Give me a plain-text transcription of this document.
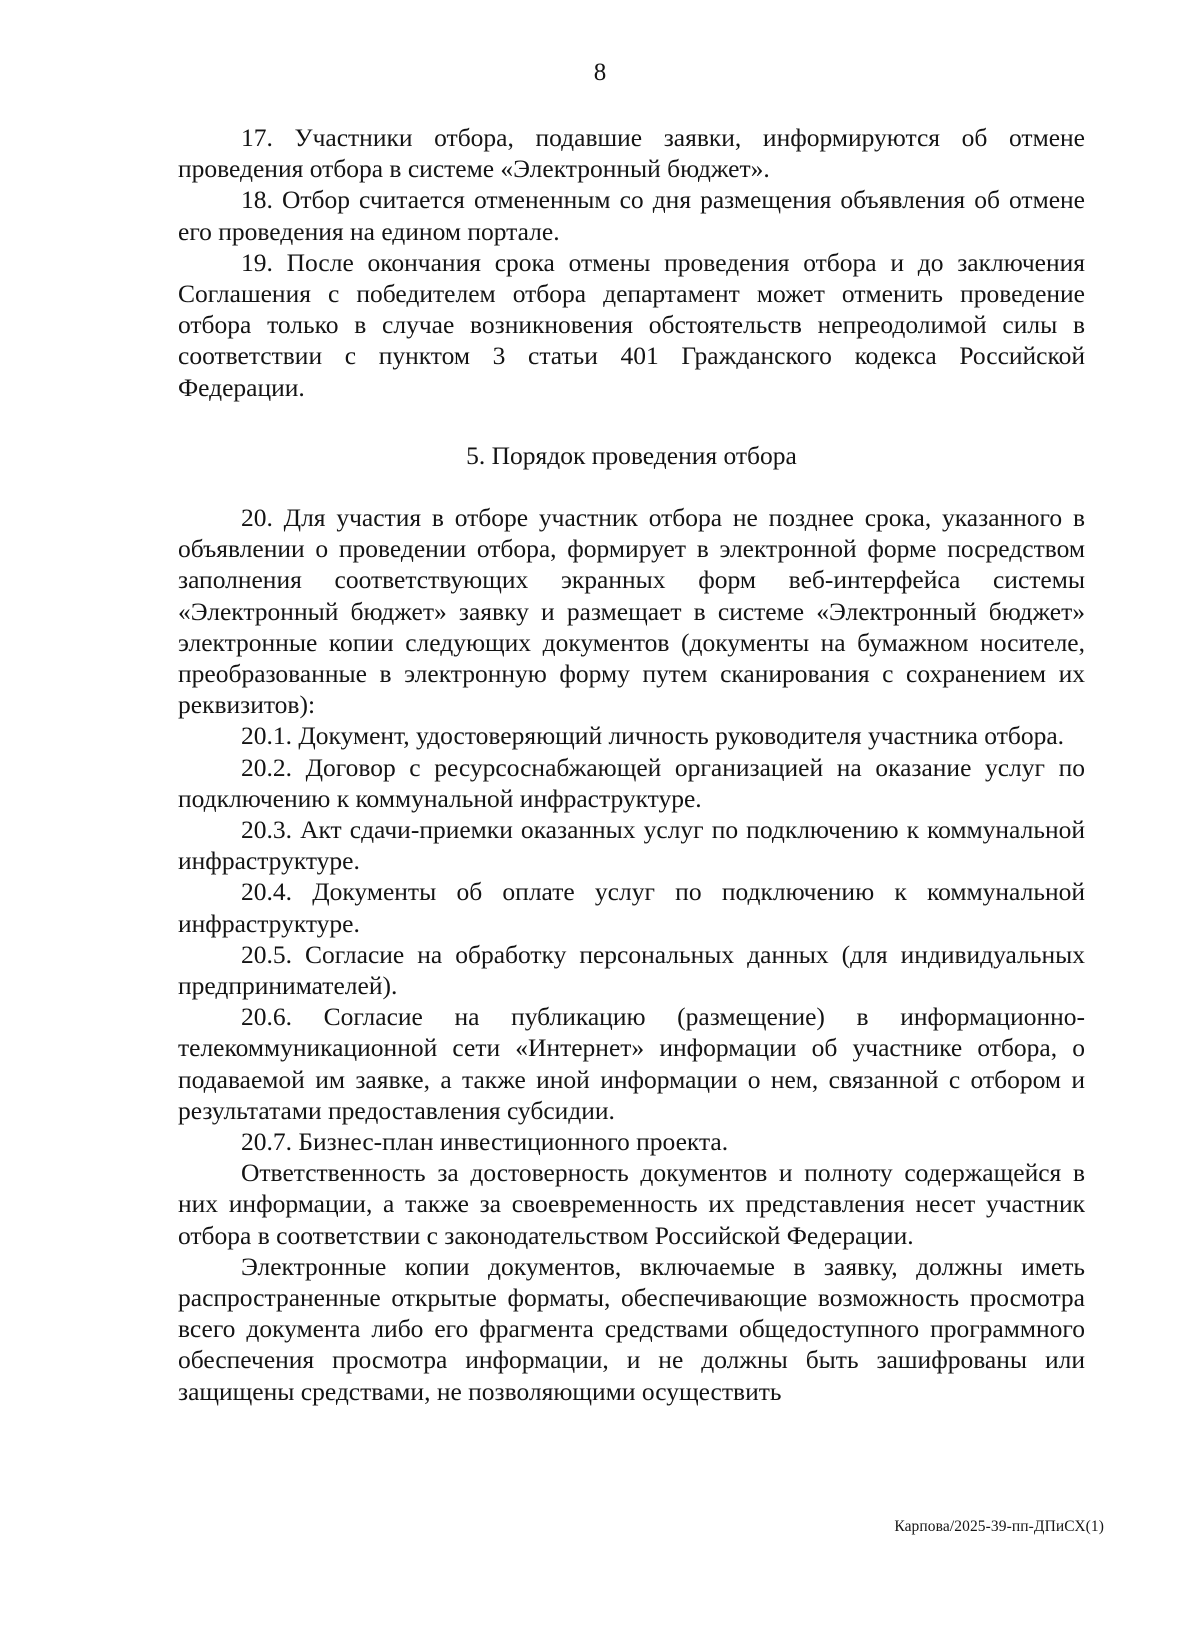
8

17. Участники отбора, подавшие заявки, информируются об отмене проведения отбора в системе «Электронный бюджет».

18. Отбор считается отмененным со дня размещения объявления об отмене его проведения на едином портале.

19. После окончания срока отмены проведения отбора и до заключения Соглашения с победителем отбора департамент может отменить проведение отбора только в случае возникновения обстоятельств непреодолимой силы в соответствии с пунктом 3 статьи 401 Гражданского кодекса Российской Федерации.

5. Порядок проведения отбора

20. Для участия в отборе участник отбора не позднее срока, указанного в объявлении о проведении отбора, формирует в электронной форме посредством заполнения соответствующих экранных форм веб-интерфейса системы «Электронный бюджет» заявку и размещает в системе «Электронный бюджет» электронные копии следующих документов (документы на бумажном носителе, преобразованные в электронную форму путем сканирования с сохранением их реквизитов):

20.1. Документ, удостоверяющий личность руководителя участника отбора.

20.2. Договор с ресурсоснабжающей организацией на оказание услуг по подключению к коммунальной инфраструктуре.

20.3. Акт сдачи-приемки оказанных услуг по подключению к коммунальной инфраструктуре.

20.4. Документы об оплате услуг по подключению к коммунальной инфраструктуре.

20.5. Согласие на обработку персональных данных (для индивидуальных предпринимателей).

20.6. Согласие на публикацию (размещение) в информационно-телекоммуникационной сети «Интернет» информации об участнике отбора, о подаваемой им заявке, а также иной информации о нем, связанной с отбором и результатами предоставления субсидии.

20.7. Бизнес-план инвестиционного проекта.

Ответственность за достоверность документов и полноту содержащейся в них информации, а также за своевременность их представления несет участник отбора в соответствии с законодательством Российской Федерации.

Электронные копии документов, включаемые в заявку, должны иметь распространенные открытые форматы, обеспечивающие возможность просмотра всего документа либо его фрагмента средствами общедоступного программного обеспечения просмотра информации, и не должны быть зашифрованы или защищены средствами, не позволяющими осуществить

Карпова/2025-39-пп-ДПиСХ(1)
